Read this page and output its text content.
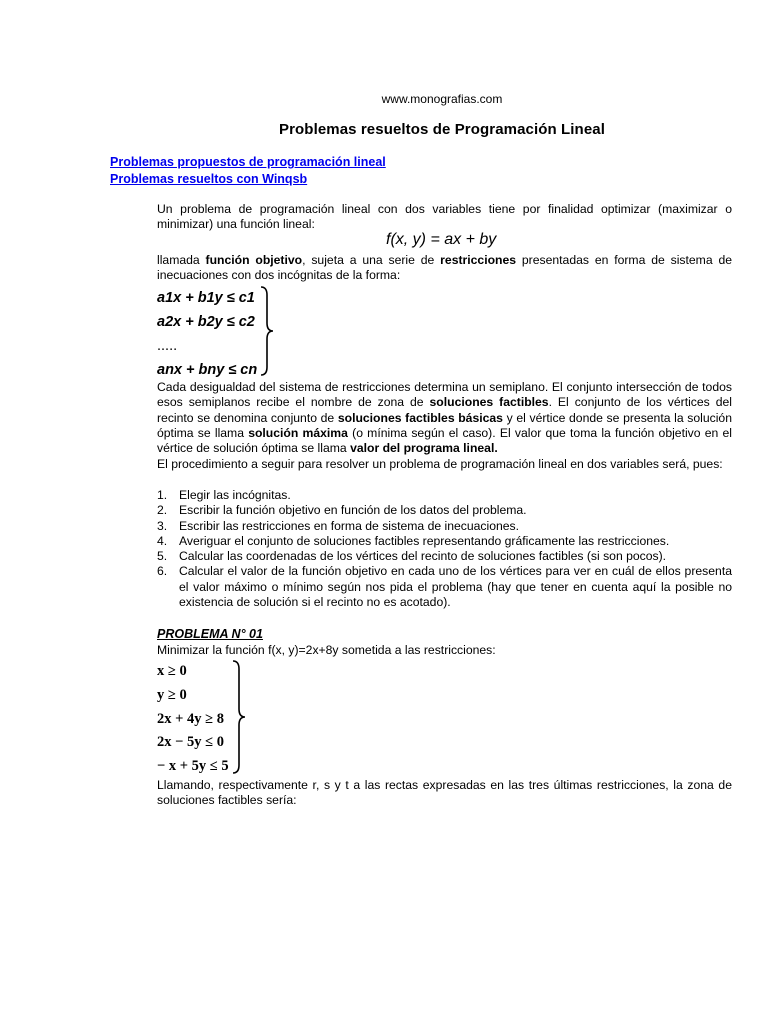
www.monografias.com
Problemas resueltos de Programación Lineal
Problemas propuestos de programación lineal
Problemas resueltos con Winqsb
Un problema de programación lineal con dos variables tiene por finalidad optimizar (maximizar o minimizar) una función lineal:
f(x, y) = ax + by
llamada función objetivo, sujeta a una serie de restricciones presentadas en forma de sistema de inecuaciones con dos incógnitas de la forma:
a1x + b1y ≤ c1
a2x + b2y ≤ c2
.....
anx + bny ≤ cn
Cada desigualdad del sistema de restricciones determina un semiplano. El conjunto intersección de todos esos semiplanos recibe el nombre de zona de soluciones factibles. El conjunto de los vértices del recinto se denomina conjunto de soluciones factibles básicas y el vértice donde se presenta la solución óptima se llama solución máxima (o mínima según el caso). El valor que toma la función objetivo en el vértice de solución óptima se llama valor del programa lineal.
El procedimiento a seguir para resolver un problema de programación lineal en dos variables será, pues:
1. Elegir las incógnitas.
2. Escribir la función objetivo en función de los datos del problema.
3. Escribir las restricciones en forma de sistema de inecuaciones.
4. Averiguar el conjunto de soluciones factibles representando gráficamente las restricciones.
5. Calcular las coordenadas de los vértices del recinto de soluciones factibles (si son pocos).
6. Calcular el valor de la función objetivo en cada uno de los vértices para ver en cuál de ellos presenta el valor máximo o mínimo según nos pida el problema (hay que tener en cuenta aquí la posible no existencia de solución si el recinto no es acotado).
PROBLEMA N° 01
Minimizar la función f(x, y)=2x+8y sometida a las restricciones:
x ≥ 0
y ≥ 0
2x + 4y ≥ 8
2x − 5y ≤ 0
− x + 5y ≤ 5
Llamando, respectivamente r, s y t a las rectas expresadas en las tres últimas restricciones, la zona de soluciones factibles sería:
